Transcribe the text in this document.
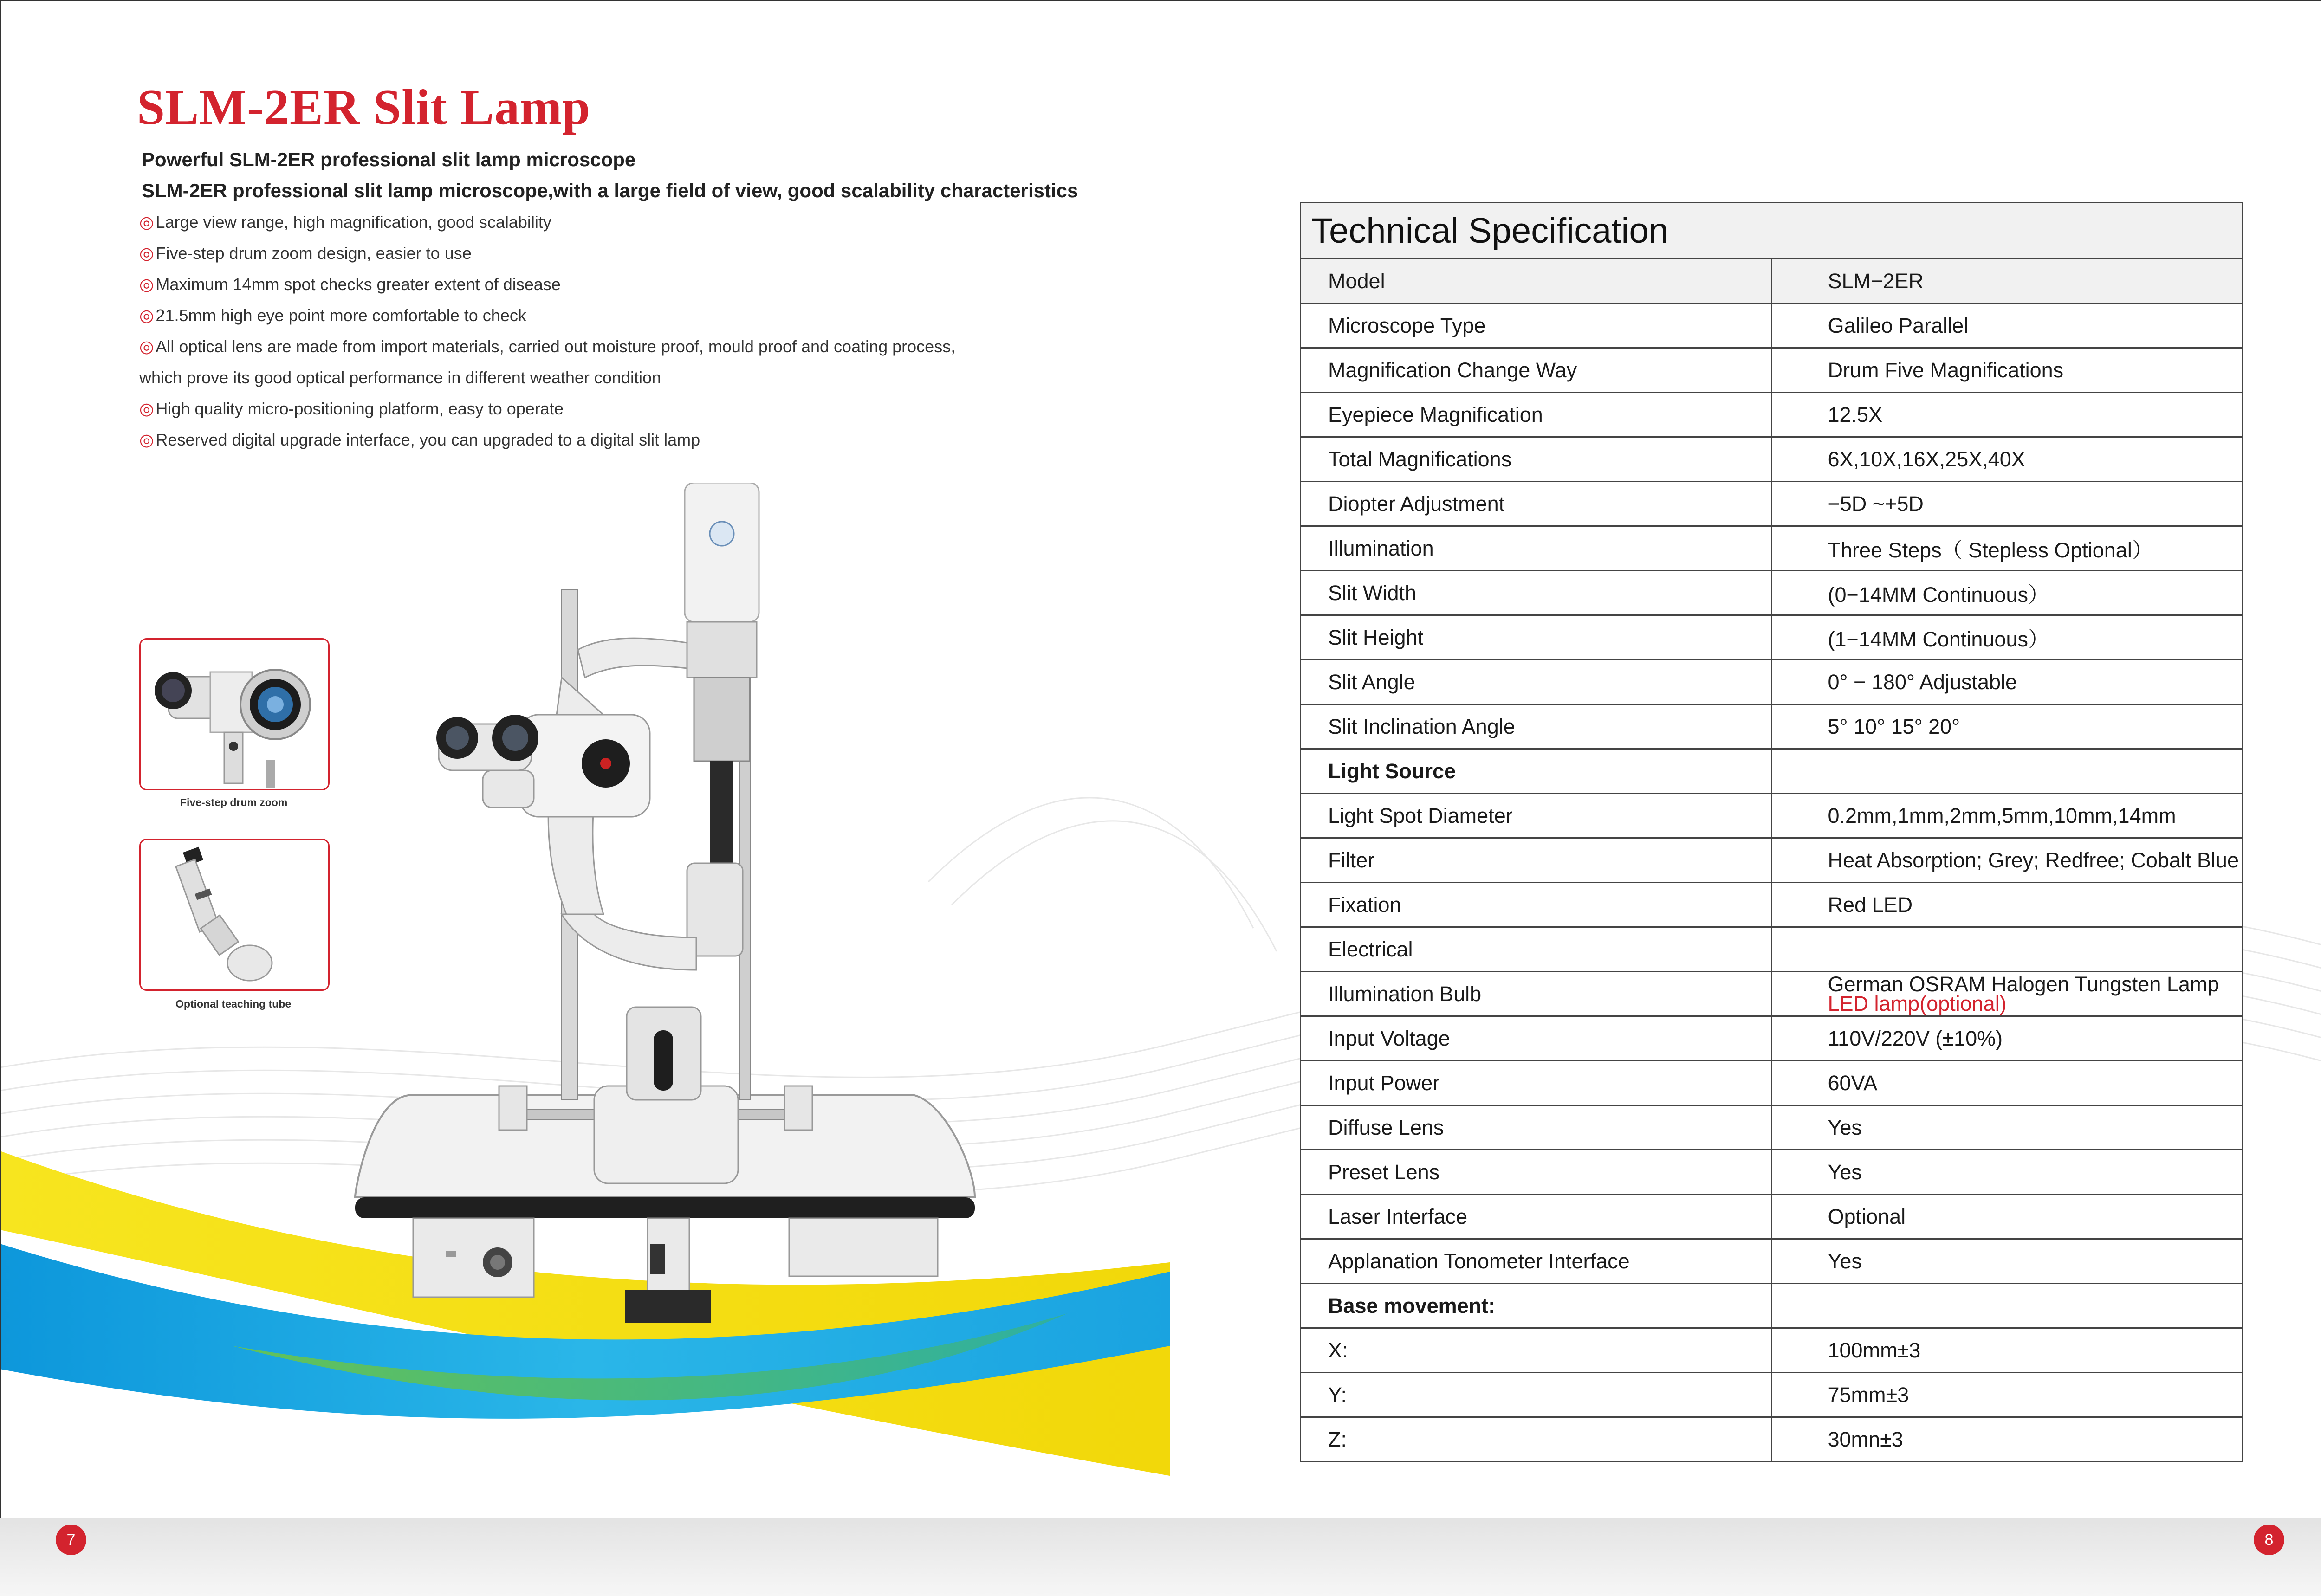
SLM-2ER Slit Lamp
Powerful SLM-2ER professional slit lamp microscope
SLM-2ER professional slit lamp microscope,with a large field of view, good scalability characteristics
◎ Large view range, high magnification, good scalability
◎ Five-step drum zoom design, easier to use
◎ Maximum 14mm spot checks greater extent of disease
◎ 21.5mm high eye point more comfortable to check
◎ All optical lens are made from import materials, carried out moisture proof, mould proof and coating process,
which prove its good optical performance in different weather condition
◎ High quality micro-positioning platform, easy to operate
◎ Reserved digital upgrade interface, you can upgraded to a digital slit lamp
Five-step drum zoom
Optional teaching tube
Technical Specification	
Model	SLM−2ER
Microscope Type	Galileo Parallel
Magnification Change Way	Drum Five Magnifications
Eyepiece Magnification	12.5X
Total Magnifications	6X,10X,16X,25X,40X
Diopter Adjustment	−5D ~+5D
Illumination	Three Steps（ Stepless Optional）
Slit Width	(0−14MM Continuous）
Slit Height	(1−14MM Continuous）
Slit Angle	0° − 180° Adjustable
Slit Inclination Angle	5° 10° 15° 20°
Light Source	
Light Spot Diameter	0.2mm,1mm,2mm,5mm,10mm,14mm
Filter	Heat Absorption; Grey; Redfree; Cobalt Blue
Fixation	Red LED
Electrical	
Illumination Bulb	German OSRAM Halogen Tungsten Lamp
LED lamp(optional)

Input Voltage	110V/220V (±10%)
Input Power	60VA
Diffuse Lens	Yes
Preset Lens	Yes
Laser Interface	Optional
Applanation Tonometer Interface	Yes
Base movement:	
X:	100mm±3
Y:	75mm±3
Z:	30mn±3
7	8
